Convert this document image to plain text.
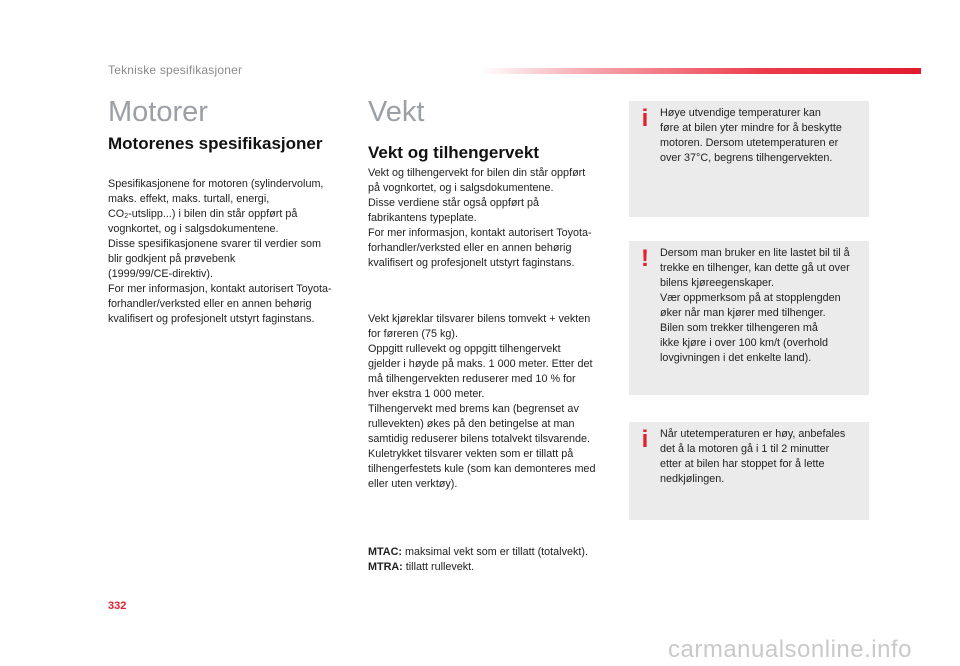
Tekniske spesifikasjoner
Motorer
Motorenes spesifikasjoner
Spesifikasjonene for motoren (sylindervolum,
maks. effekt, maks. turtall, energi,
$CO_2-utslipp$...) i bilen din står oppført på
vognkortet, og i salgsdokumentene.
Disse spesifikasjonene svarer til verdier som
blir godkjent på prøvebenk
(1999/99/CE-direktiv).
For mer informasjon, kontakt autorisert Toyota-
forhandler/verksted eller en annen behørig
kvalifisert og profesjonelt utstyrt faginstans.
Vekt
Vekt og tilhengervekt
Vekt og tilhengervekt for bilen din står oppført
på vognkortet, og i salgsdokumentene.
Disse verdiene står også oppført på
fabrikantens typeplate.
For mer informasjon, kontakt autorisert Toyota-
forhandler/verksted eller en annen behørig
kvalifisert og profesjonelt utstyrt faginstans.
Vekt kjøreklar tilsvarer bilens tomvekt + vekten
for føreren (75 kg).
Oppgitt rullevekt og oppgitt tilhengervekt
gjelder i høyde på maks. 1 000 meter. Etter det
må tilhengervekten reduserer med 10 % for
hver ekstra 1 000 meter.
Tilhengervekt med brems kan (begrenset av
rullevekten) økes på den betingelse at man
samtidig reduserer bilens totalvekt tilsvarende.
Kuletrykket tilsvarer vekten som er tillatt på
tilhengerfestets kule (som kan demonteres med
eller uten verktøy).
MTAC: maksimal vekt som er tillatt (totalvekt).
MTRA: tillatt rullevekt.
i Høye utvendige temperaturer kan
føre at bilen yter mindre for å beskytte
motoren. Dersom utetemperaturen er
over 37°C, begrens tilhengervekten.
! Dersom man bruker en lite lastet bil til å
trekke en tilhenger, kan dette gå ut over
bilens kjøreegenskaper.
Vær oppmerksom på at stopplengden
øker når man kjører med tilhenger.
Bilen som trekker tilhengeren må
ikke kjøre i over 100 km/t (overhold
lovgivningen i det enkelte land).
i Når utetemperaturen er høy, anbefales
det å la motoren gå i 1 til 2 minutter
etter at bilen har stoppet for å lette
nedkjølingen.
332
carmanualsonline.info
